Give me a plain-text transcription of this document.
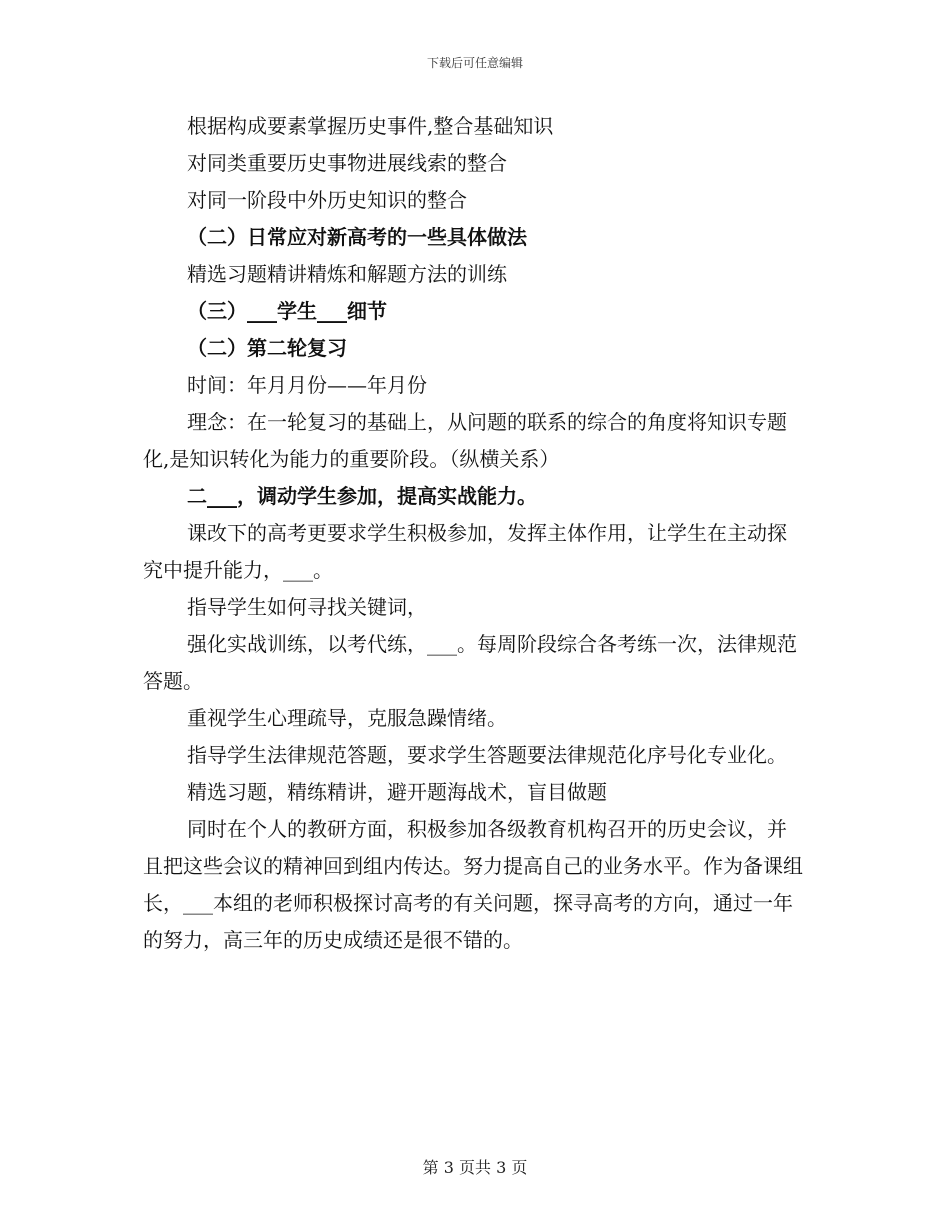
下载后可任意编辑

根据构成要素掌握历史事件,整合基础知识

对同类重要历史事物进展线索的整合

对同一阶段中外历史知识的整合

（二）日常应对新高考的一些具体做法

精选习题精讲精炼和解题方法的训练

（三）___学生___细节

（二）第二轮复习

时间：年月月份——年月份

理念：在一轮复习的基础上，从问题的联系的综合的角度将知识专题化,是知识转化为能力的重要阶段。（纵横关系）

二___，调动学生参加，提高实战能力。

课改下的高考更要求学生积极参加，发挥主体作用，让学生在主动探究中提升能力，___。

指导学生如何寻找关键词，

强化实战训练，以考代练，___。每周阶段综合各考练一次，法律规范答题。

重视学生心理疏导，克服急躁情绪。

指导学生法律规范答题，要求学生答题要法律规范化序号化专业化。

精选习题，精练精讲，避开题海战术，盲目做题

同时在个人的教研方面，积极参加各级教育机构召开的历史会议，并且把这些会议的精神回到组内传达。努力提高自己的业务水平。作为备课组长，___本组的老师积极探讨高考的有关问题，探寻高考的方向，通过一年的努力，高三年的历史成绩还是很不错的。

第 3 页共 3 页
